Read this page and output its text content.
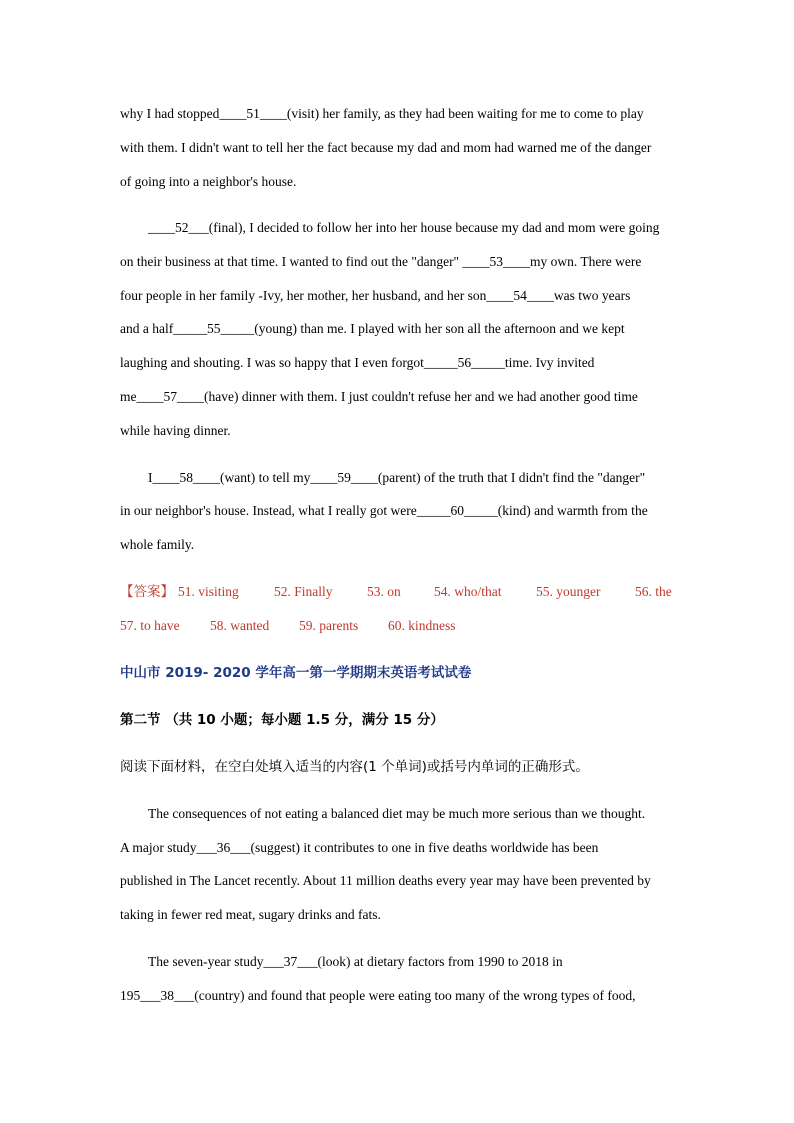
why I had stopped____51____(visit) her family, as they had been waiting for me to come to play
with them. I didn't want to tell her the fact because my dad and mom had warned me of the danger
of going into a neighbor's house.
____52___(final), I decided to follow her into her house because my dad and mom were going
on their business at that time. I wanted to find out the "danger" ____53____my own. There were
four people in her family -Ivy, her mother, her husband, and her son____54____was two years
and a half_____55_____(young) than me. I played with her son all the afternoon and we kept
laughing and shouting. I was so happy that I even forgot_____56_____time. Ivy invited
me____57____(have) dinner with them. I just couldn't refuse her and we had another good time
while having dinner.
I____58____(want) to tell my____59____(parent) of the truth that I didn't find the "danger"
in our neighbor's house. Instead, what I really got were_____60_____(kind) and warmth from the
whole family.
【答案】 51. visiting	52. Finally	53. on 54. who/that	55. younger	56. the
57. to have 58. wanted 59. parents 60. kindness
中山市 2019- 2020 学年高一第一学期期末英语考试试卷
第二节 （共 10 小题；每小题 1.5 分，满分 15 分）
阅读下面材料，在空白处填入适当的内容(1 个单词)或括号内单词的正确形式。
The consequences of not eating a balanced diet may be much more serious than we thought.
A major study___36___(suggest) it contributes to one in five deaths worldwide has been
published in The Lancet recently. About 11 million deaths every year may have been prevented by
taking in fewer red meat, sugary drinks and fats.
The seven-year study___37___(look) at dietary factors from 1990 to 2018 in
195___38___(country) and found that people were eating too many of the wrong types of food,
